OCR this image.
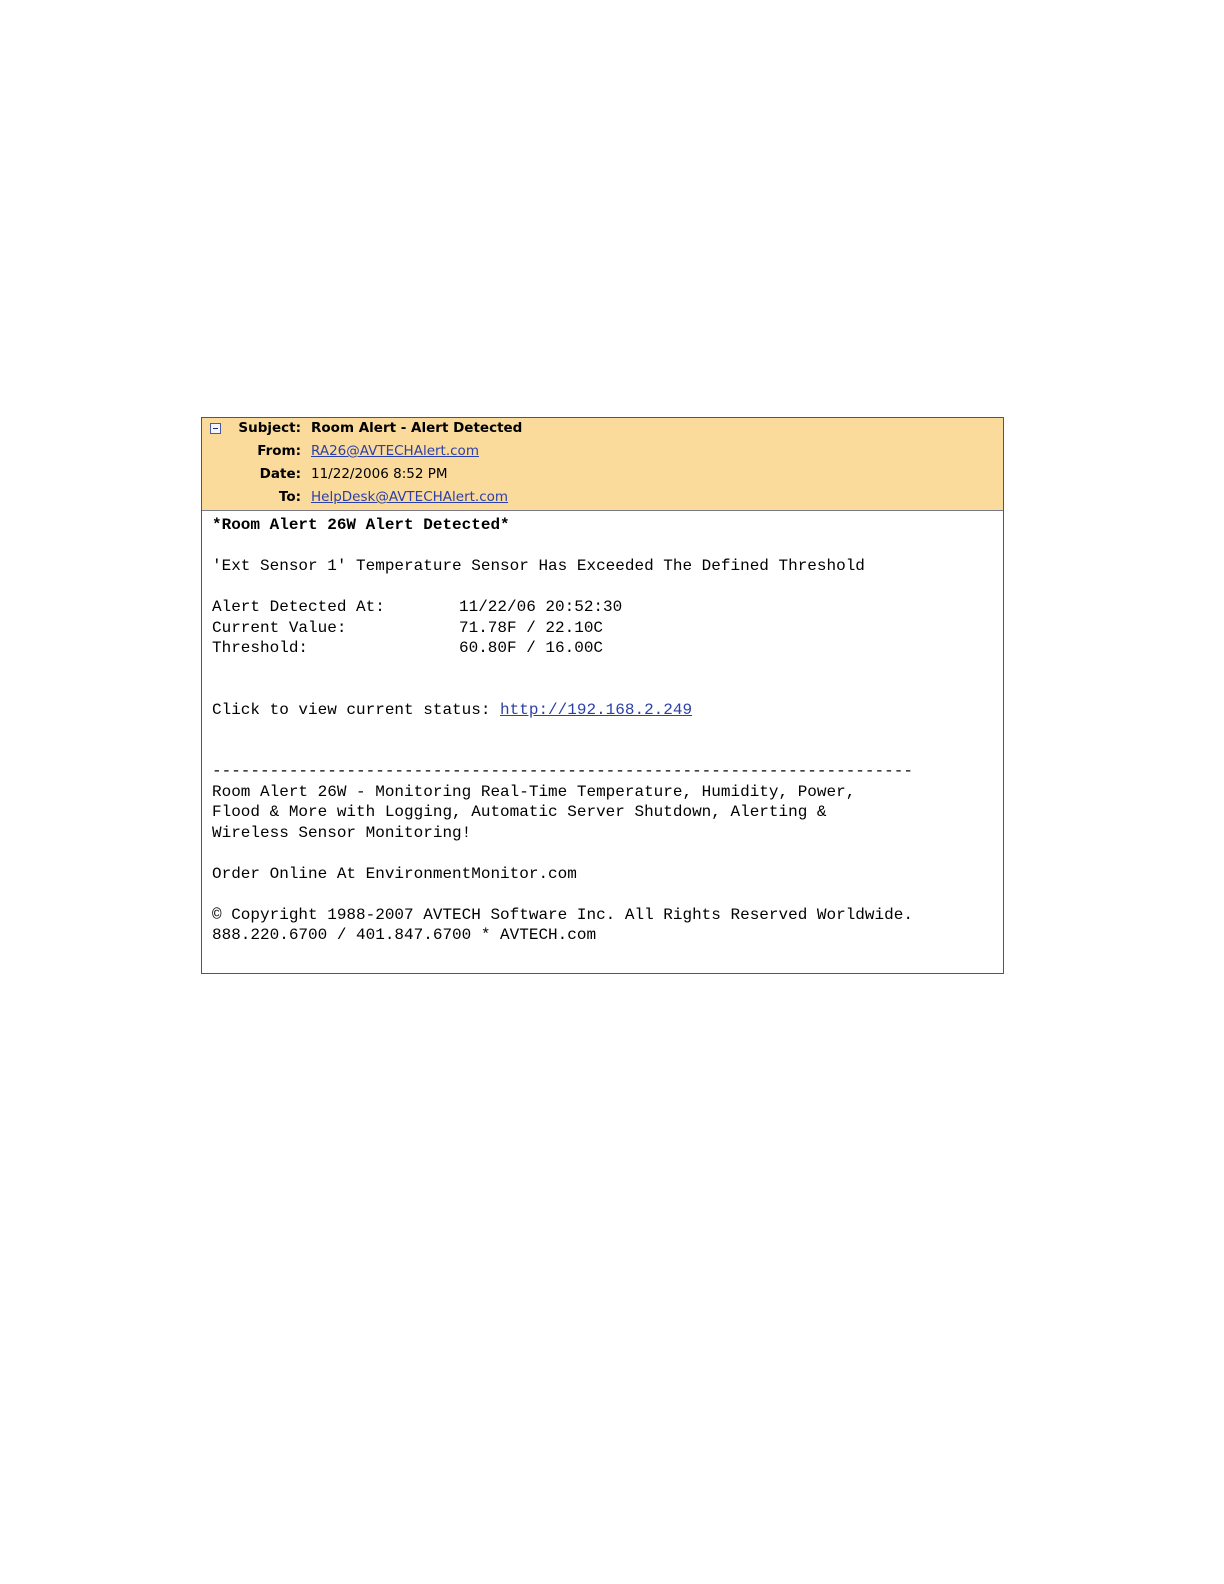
Subject: Room Alert - Alert Detected
From: RA26@AVTECHAlert.com
Date: 11/22/2006 8:52 PM
To: HelpDesk@AVTECHAlert.com
*Room Alert 26W Alert Detected*
'Ext Sensor 1' Temperature Sensor Has Exceeded The Defined Threshold
Alert Detected At:	11/22/06 20:52:30
Current Value:	71.78F / 22.10C
Threshold:	60.80F / 16.00C
Click to view current status: http://192.168.2.249
-------------------------------------------------------------------------
Room Alert 26W - Monitoring Real-Time Temperature, Humidity, Power,
Flood & More with Logging, Automatic Server Shutdown, Alerting &
Wireless Sensor Monitoring!
Order Online At EnvironmentMonitor.com
© Copyright 1988-2007 AVTECH Software Inc. All Rights Reserved Worldwide.
888.220.6700 / 401.847.6700 * AVTECH.com
